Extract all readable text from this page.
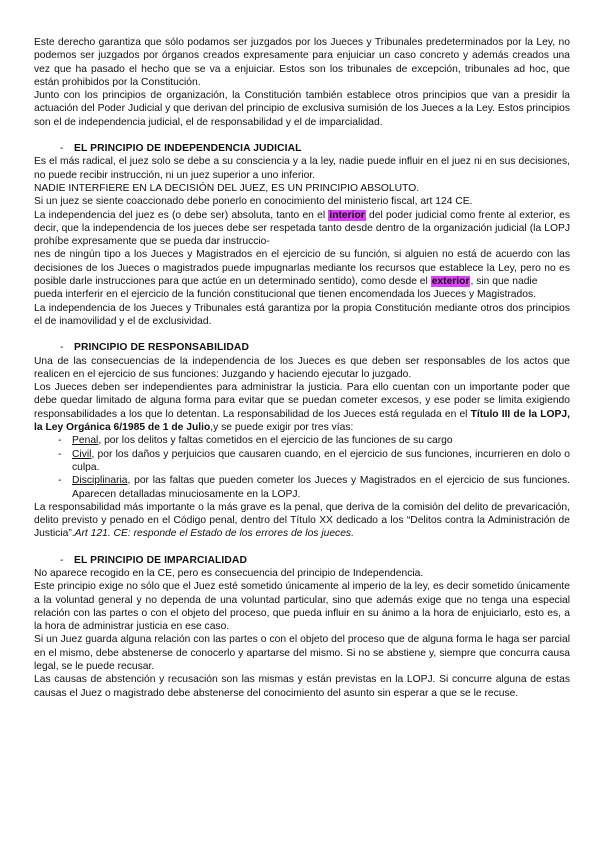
Este derecho garantiza que sólo podamos ser juzgados por los Jueces y Tribunales predeterminados por la Ley, no podemos ser juzgados por órganos creados expresamente para enjuiciar un caso concreto y además creados una vez que ha pasado el hecho que se va a enjuiciar. Estos son los tribunales de excepción, tribunales ad hoc, que están prohibidos por la Constitución.

Junto con los principios de organización, la Constitución también establece otros principios que van a presidir la actuación del Poder Judicial y que derivan del principio de exclusiva sumisión de los Jueces a la Ley. Estos principios son el de independencia judicial, el de responsabilidad y el de imparcialidad.

- EL PRINCIPIO DE INDEPENDENCIA JUDICIAL

Es el más radical, el juez solo se debe a su consciencia y a la ley, nadie puede influir en el juez ni en sus decisiones, no puede recibir instrucción, ni un juez superior a uno inferior.

NADIE INTERFIERE EN LA DECISIÓN DEL JUEZ, ES UN PRINCIPIO ABSOLUTO.

Si un juez se siente coaccionado debe ponerlo en conocimiento del ministerio fiscal, art 124 CE.

La independencia del juez es (o debe ser) absoluta, tanto en el interior del poder judicial como frente al exterior, es decir, que la independencia de los jueces debe ser respetada tanto desde dentro de la organización judicial (la LOPJ prohíbe expresamente que se pueda dar instruccio-

nes de ningún tipo a los Jueces y Magistrados en el ejercicio de su función, si alguien no está de acuerdo con las decisiones de los Jueces o magistrados puede impugnarlas mediante los recursos que establece la Ley, pero no es posible darle instrucciones para que actúe en un determinado sentido), como desde el exterior, sin que nadie

pueda interferir en el ejercicio de la función constitucional que tienen encomendada los Jueces y Magistrados.

La independencia de los Jueces y Tribunales está garantiza por la propia Constitución mediante otros dos principios el de inamovilidad y el de exclusividad.

- PRINCIPIO DE RESPONSABILIDAD

Una de las consecuencias de la independencia de los Jueces es que deben ser responsables de los actos que realicen en el ejercicio de sus funciones: Juzgando y haciendo ejecutar lo juzgado.

Los Jueces deben ser independientes para administrar la justicia. Para ello cuentan con un importante poder que debe quedar limitado de alguna forma para evitar que se puedan cometer excesos, y ese poder se limita exigiendo responsabilidades a los que lo detentan. La responsabilidad de los Jueces está regulada en el Título III de la LOPJ, la Ley Orgánica 6/1985 de 1 de Julio,y se puede exigir por tres vías:

- Penal, por los delitos y faltas cometidos en el ejercicio de las funciones de su cargo
- Civil, por los daños y perjuicios que causaren cuando, en el ejercicio de sus funciones, incurrieren en dolo o culpa.
- Disciplinaria, por las faltas que pueden cometer los Jueces y Magistrados en el ejercicio de sus funciones. Aparecen detalladas minuciosamente en la LOPJ.

La responsabilidad más importante o la más grave es la penal, que deriva de la comisión del delito de prevaricación, delito previsto y penado en el Código penal, dentro del Título XX dedicado a los “Delitos contra la Administración de Justicia”.Art 121. CE: responde el Estado de los errores de los jueces.

- EL PRINCIPIO DE IMPARCIALIDAD

No aparece recogido en la CE, pero es consecuencia del principio de Independencia.

Este principio exige no sólo que el Juez esté sometido únicamente al imperio de la ley, es decir sometido únicamente a la voluntad general y no dependa de una voluntad particular, sino que además exige que no tenga una especial relación con las partes o con el objeto del proceso, que pueda influir en su ánimo a la hora de enjuiciarlo, esto es, a la hora de administrar justicia en ese caso.

Si un Juez guarda alguna relación con las partes o con el objeto del proceso que de alguna forma le haga ser parcial en el mismo, debe abstenerse de conocerlo y apartarse del mismo. Si no se abstiene y, siempre que concurra causa legal, se le puede recusar.

Las causas de abstención y recusación son las mismas y están previstas en la LOPJ. Si concurre alguna de estas causas el Juez o magistrado debe abstenerse del conocimiento del asunto sin esperar a que se le recuse.
